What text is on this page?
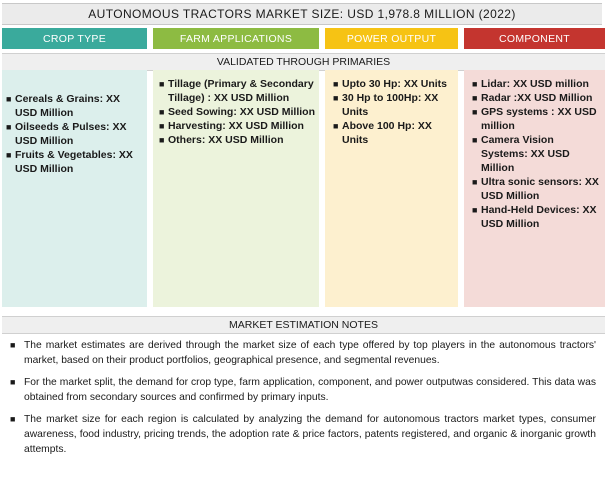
AUTONOMOUS TRACTORS MARKET SIZE: USD 1,978.8 MILLION (2022)
CROP TYPE	FARM APPLICATIONS	POWER OUTPUT	COMPONENT
VALIDATED THROUGH PRIMARIES
■ Cereals & Grains: XX USD Million
■ Oilseeds & Pulses: XX USD Million
■ Fruits & Vegetables: XX USD Million
■ Tillage (Primary & Secondary Tillage) : XX USD Million
■ Seed Sowing: XX USD Million
■ Harvesting: XX USD Million
■ Others: XX USD Million
■ Upto 30 Hp: XX Units
■ 30 Hp to 100Hp: XX Units
■ Above 100 Hp: XX Units
■ Lidar: XX USD million
■ Radar :XX USD Million
■ GPS systems : XX USD million
■ Camera Vision Systems: XX USD Million
■ Ultra sonic sensors: XX USD Million
■ Hand-Held Devices: XX USD Million
MARKET ESTIMATION NOTES
■ The market estimates are derived through the market size of each type offered by top players in the autonomous tractors' market, based on their product portfolios, geographical presence, and segmental revenues.
■ For the market split, the demand for crop type, farm application, component, and power outputwas considered. This data was obtained from secondary sources and confirmed by primary inputs.
■ The market size for each region is calculated by analyzing the demand for autonomous tractors market types, consumer awareness, food industry, pricing trends, the adoption rate & price factors, patents registered, and organic & inorganic growth attempts.
